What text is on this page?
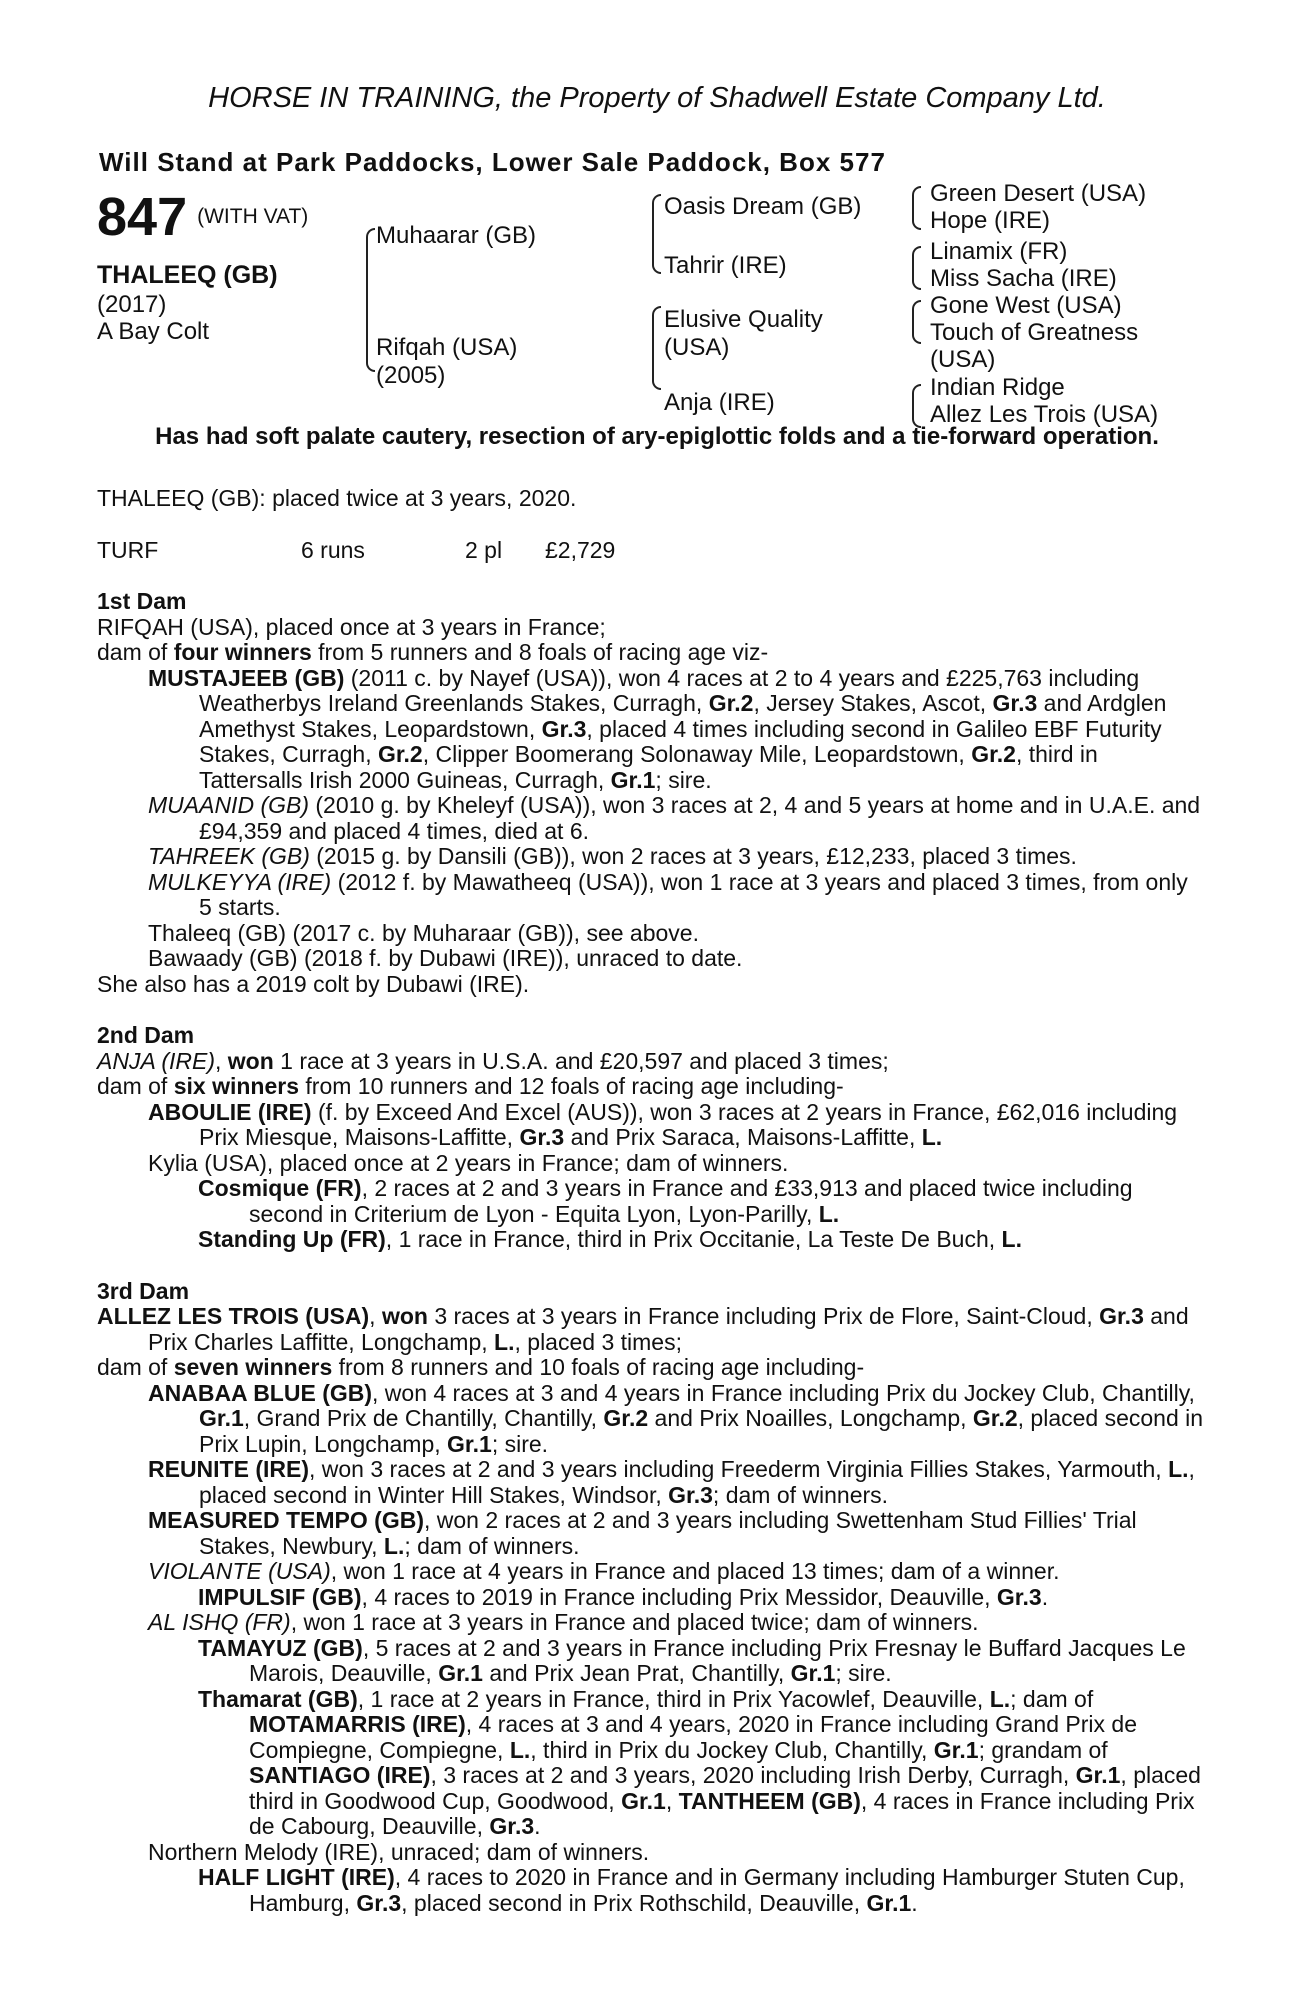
HORSE IN TRAINING, the Property of Shadwell Estate Company Ltd.
Will Stand at Park Paddocks, Lower Sale Paddock, Box 577
847 (WITH VAT)
THALEEQ (GB)
(2017)
A Bay Colt
Muhaarar (GB)
Rifqah (USA)
(2005)
Oasis Dream (GB)
Tahrir (IRE)
Elusive Quality
(USA)
Anja (IRE)
Green Desert (USA)
Hope (IRE)
Linamix (FR)
Miss Sacha (IRE)
Gone West (USA)
Touch of Greatness
(USA)
Indian Ridge
Allez Les Trois (USA)
Has had soft palate cautery, resection of ary-epiglottic folds and a tie-forward operation.

THALEEQ (GB): placed twice at 3 years, 2020.

TURF	6 runs	2 pl £2,729

1st Dam

RIFQAH (USA), placed once at 3 years in France;

dam of four winners from 5 runners and 8 foals of racing age viz-

MUSTAJEEB (GB) (2011 c. by Nayef (USA)), won 4 races at 2 to 4 years and £225,763 including Weatherbys Ireland Greenlands Stakes, Curragh, Gr.2, Jersey Stakes, Ascot, Gr.3 and Ardglen Amethyst Stakes, Leopardstown, Gr.3, placed 4 times including second in Galileo EBF Futurity Stakes, Curragh, Gr.2, Clipper Boomerang Solonaway Mile, Leopardstown, Gr.2, third in Tattersalls Irish 2000 Guineas, Curragh, Gr.1; sire.

MUAANID (GB) (2010 g. by Kheleyf (USA)), won 3 races at 2, 4 and 5 years at home and in U.A.E. and £94,359 and placed 4 times, died at 6.

TAHREEK (GB) (2015 g. by Dansili (GB)), won 2 races at 3 years, £12,233, placed 3 times.

MULKEYYA (IRE) (2012 f. by Mawatheeq (USA)), won 1 race at 3 years and placed 3 times, from only 5 starts.

Thaleeq (GB) (2017 c. by Muharaar (GB)), see above.

Bawaady (GB) (2018 f. by Dubawi (IRE)), unraced to date.

She also has a 2019 colt by Dubawi (IRE).

2nd Dam

ANJA (IRE), won 1 race at 3 years in U.S.A. and £20,597 and placed 3 times;

dam of six winners from 10 runners and 12 foals of racing age including-

ABOULIE (IRE) (f. by Exceed And Excel (AUS)), won 3 races at 2 years in France, £62,016 including Prix Miesque, Maisons-Laffitte, Gr.3 and Prix Saraca, Maisons-Laffitte, L.

Kylia (USA), placed once at 2 years in France; dam of winners.

Cosmique (FR), 2 races at 2 and 3 years in France and £33,913 and placed twice including second in Criterium de Lyon - Equita Lyon, Lyon-Parilly, L.

Standing Up (FR), 1 race in France, third in Prix Occitanie, La Teste De Buch, L.

3rd Dam

ALLEZ LES TROIS (USA), won 3 races at 3 years in France including Prix de Flore, Saint-Cloud, Gr.3 and Prix Charles Laffitte, Longchamp, L., placed 3 times;

dam of seven winners from 8 runners and 10 foals of racing age including-

ANABAA BLUE (GB), won 4 races at 3 and 4 years in France including Prix du Jockey Club, Chantilly, Gr.1, Grand Prix de Chantilly, Chantilly, Gr.2 and Prix Noailles, Longchamp, Gr.2, placed second in Prix Lupin, Longchamp, Gr.1; sire.

REUNITE (IRE), won 3 races at 2 and 3 years including Freederm Virginia Fillies Stakes, Yarmouth, L., placed second in Winter Hill Stakes, Windsor, Gr.3; dam of winners.

MEASURED TEMPO (GB), won 2 races at 2 and 3 years including Swettenham Stud Fillies' Trial Stakes, Newbury, L.; dam of winners.

VIOLANTE (USA), won 1 race at 4 years in France and placed 13 times; dam of a winner.

IMPULSIF (GB), 4 races to 2019 in France including Prix Messidor, Deauville, Gr.3.

AL ISHQ (FR), won 1 race at 3 years in France and placed twice; dam of winners.

TAMAYUZ (GB), 5 races at 2 and 3 years in France including Prix Fresnay le Buffard Jacques Le Marois, Deauville, Gr.1 and Prix Jean Prat, Chantilly, Gr.1; sire.

Thamarat (GB), 1 race at 2 years in France, third in Prix Yacowlef, Deauville, L.; dam of MOTAMARRIS (IRE), 4 races at 3 and 4 years, 2020 in France including Grand Prix de Compiegne, Compiegne, L., third in Prix du Jockey Club, Chantilly, Gr.1; grandam of SANTIAGO (IRE), 3 races at 2 and 3 years, 2020 including Irish Derby, Curragh, Gr.1, placed third in Goodwood Cup, Goodwood, Gr.1, TANTHEEM (GB), 4 races in France including Prix de Cabourg, Deauville, Gr.3.

Northern Melody (IRE), unraced; dam of winners.

HALF LIGHT (IRE), 4 races to 2020 in France and in Germany including Hamburger Stuten Cup, Hamburg, Gr.3, placed second in Prix Rothschild, Deauville, Gr.1.
